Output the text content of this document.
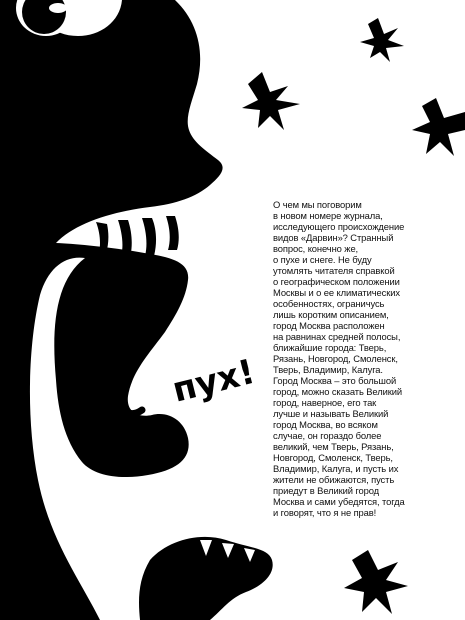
пух!

О чем мы поговорим
в новом номере журнала,
исследующего происхождение
видов «Дарвин»? Странный
вопрос, конечно же,
о пухе и снеге. Не буду
утомлять читателя справкой
о географическом положении
Москвы и о ее климатических
особенностях, ограничусь
лишь коротким описанием,
город Москва расположен
на равнинах средней полосы,
ближайшие города: Тверь,
Рязань, Новгород, Смоленск,
Тверь, Владимир, Калуга.
Город Москва – это большой
город, можно сказать Великий
город, наверное, его так
лучше и называть Великий
город Москва, во всяком
случае, он гораздо более
великий, чем Тверь, Рязань,
Новгород, Смоленск, Тверь,
Владимир, Калуга, и пусть их
жители не обижаются, пусть
приедут в Великий город
Москва и сами убедятся, тогда
и говорят, что я не прав!
